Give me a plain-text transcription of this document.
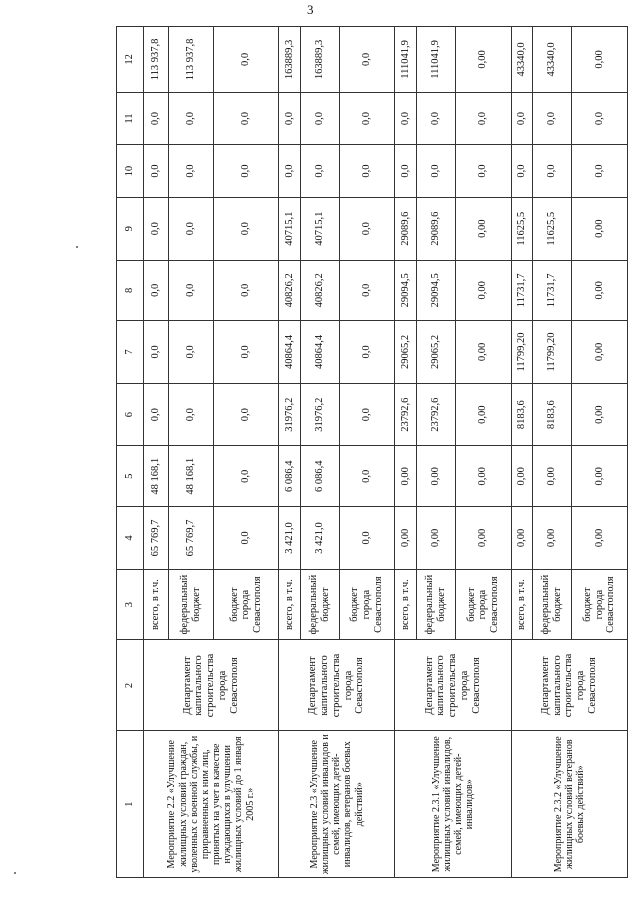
3
1	2	3	4	5	6	7	8	9	10	11	12
Мероприятие 2.2 «Улучшение жилищных условий граждан, уволенных с военной службы, и приравненных к ним лиц, принятых на учет в качестве нуждающихся в улучшении жилищных условий до 1 января 2005 г.»	Департамент капитального строительства города Севастополя	всего, в т.ч.	65 769,7	48 168,1	0,0	0,0	0,0	0,0	0,0	0,0	113 937,8
		федеральный бюджет	65 769,7	48 168,1	0,0	0,0	0,0	0,0	0,0	0,0	113 937,8
		бюджет города Севастополя	0,0	0,0	0,0	0,0	0,0	0,0	0,0	0,0	0,0
Мероприятие 2.3 «Улучшение жилищных условий инвалидов и семей, имеющих детей-инвалидов, ветеранов боевых действий»	Департамент капитального строительства города Севастополя	всего, в т.ч.	3 421,0	6 086,4	31976,2	40864,4	40826,2	40715,1	0,0	0,0	163889,3
		федеральный бюджет	3 421,0	6 086,4	31976,2	40864,4	40826,2	40715,1	0,0	0,0	163889,3
		бюджет города Севастополя	0,0	0,0	0,0	0,0	0,0	0,0	0,0	0,0	0,0
Мероприятие 2.3.1 «Улучшение жилищных условий инвалидов, семей, имеющих детей-инвалидов»	Департамент капитального строительства города Севастополя	всего, в т.ч.	0,00	0,00	23792,6	29065,2	29094,5	29089,6	0,0	0,0	111041,9
		федеральный бюджет	0,00	0,00	23792,6	29065,2	29094,5	29089,6	0,0	0,0	111041,9
		бюджет города Севастополя	0,00	0,00	0,00	0,00	0,00	0,00	0,0	0,0	0,00
Мероприятие 2.3.2 «Улучшение жилищных условий ветеранов боевых действий»	Департамент капитального строительства города Севастополя	всего, в т.ч.	0,00	0,00	8183,6	11799,20	11731,7	11625,5	0,0	0,0	43340,0
		федеральный бюджет	0,00	0,00	8183,6	11799,20	11731,7	11625,5	0,0	0,0	43340,0
		бюджет города Севастополя	0,00	0,00	0,00	0,00	0,00	0,00	0,0	0,0	0,00
